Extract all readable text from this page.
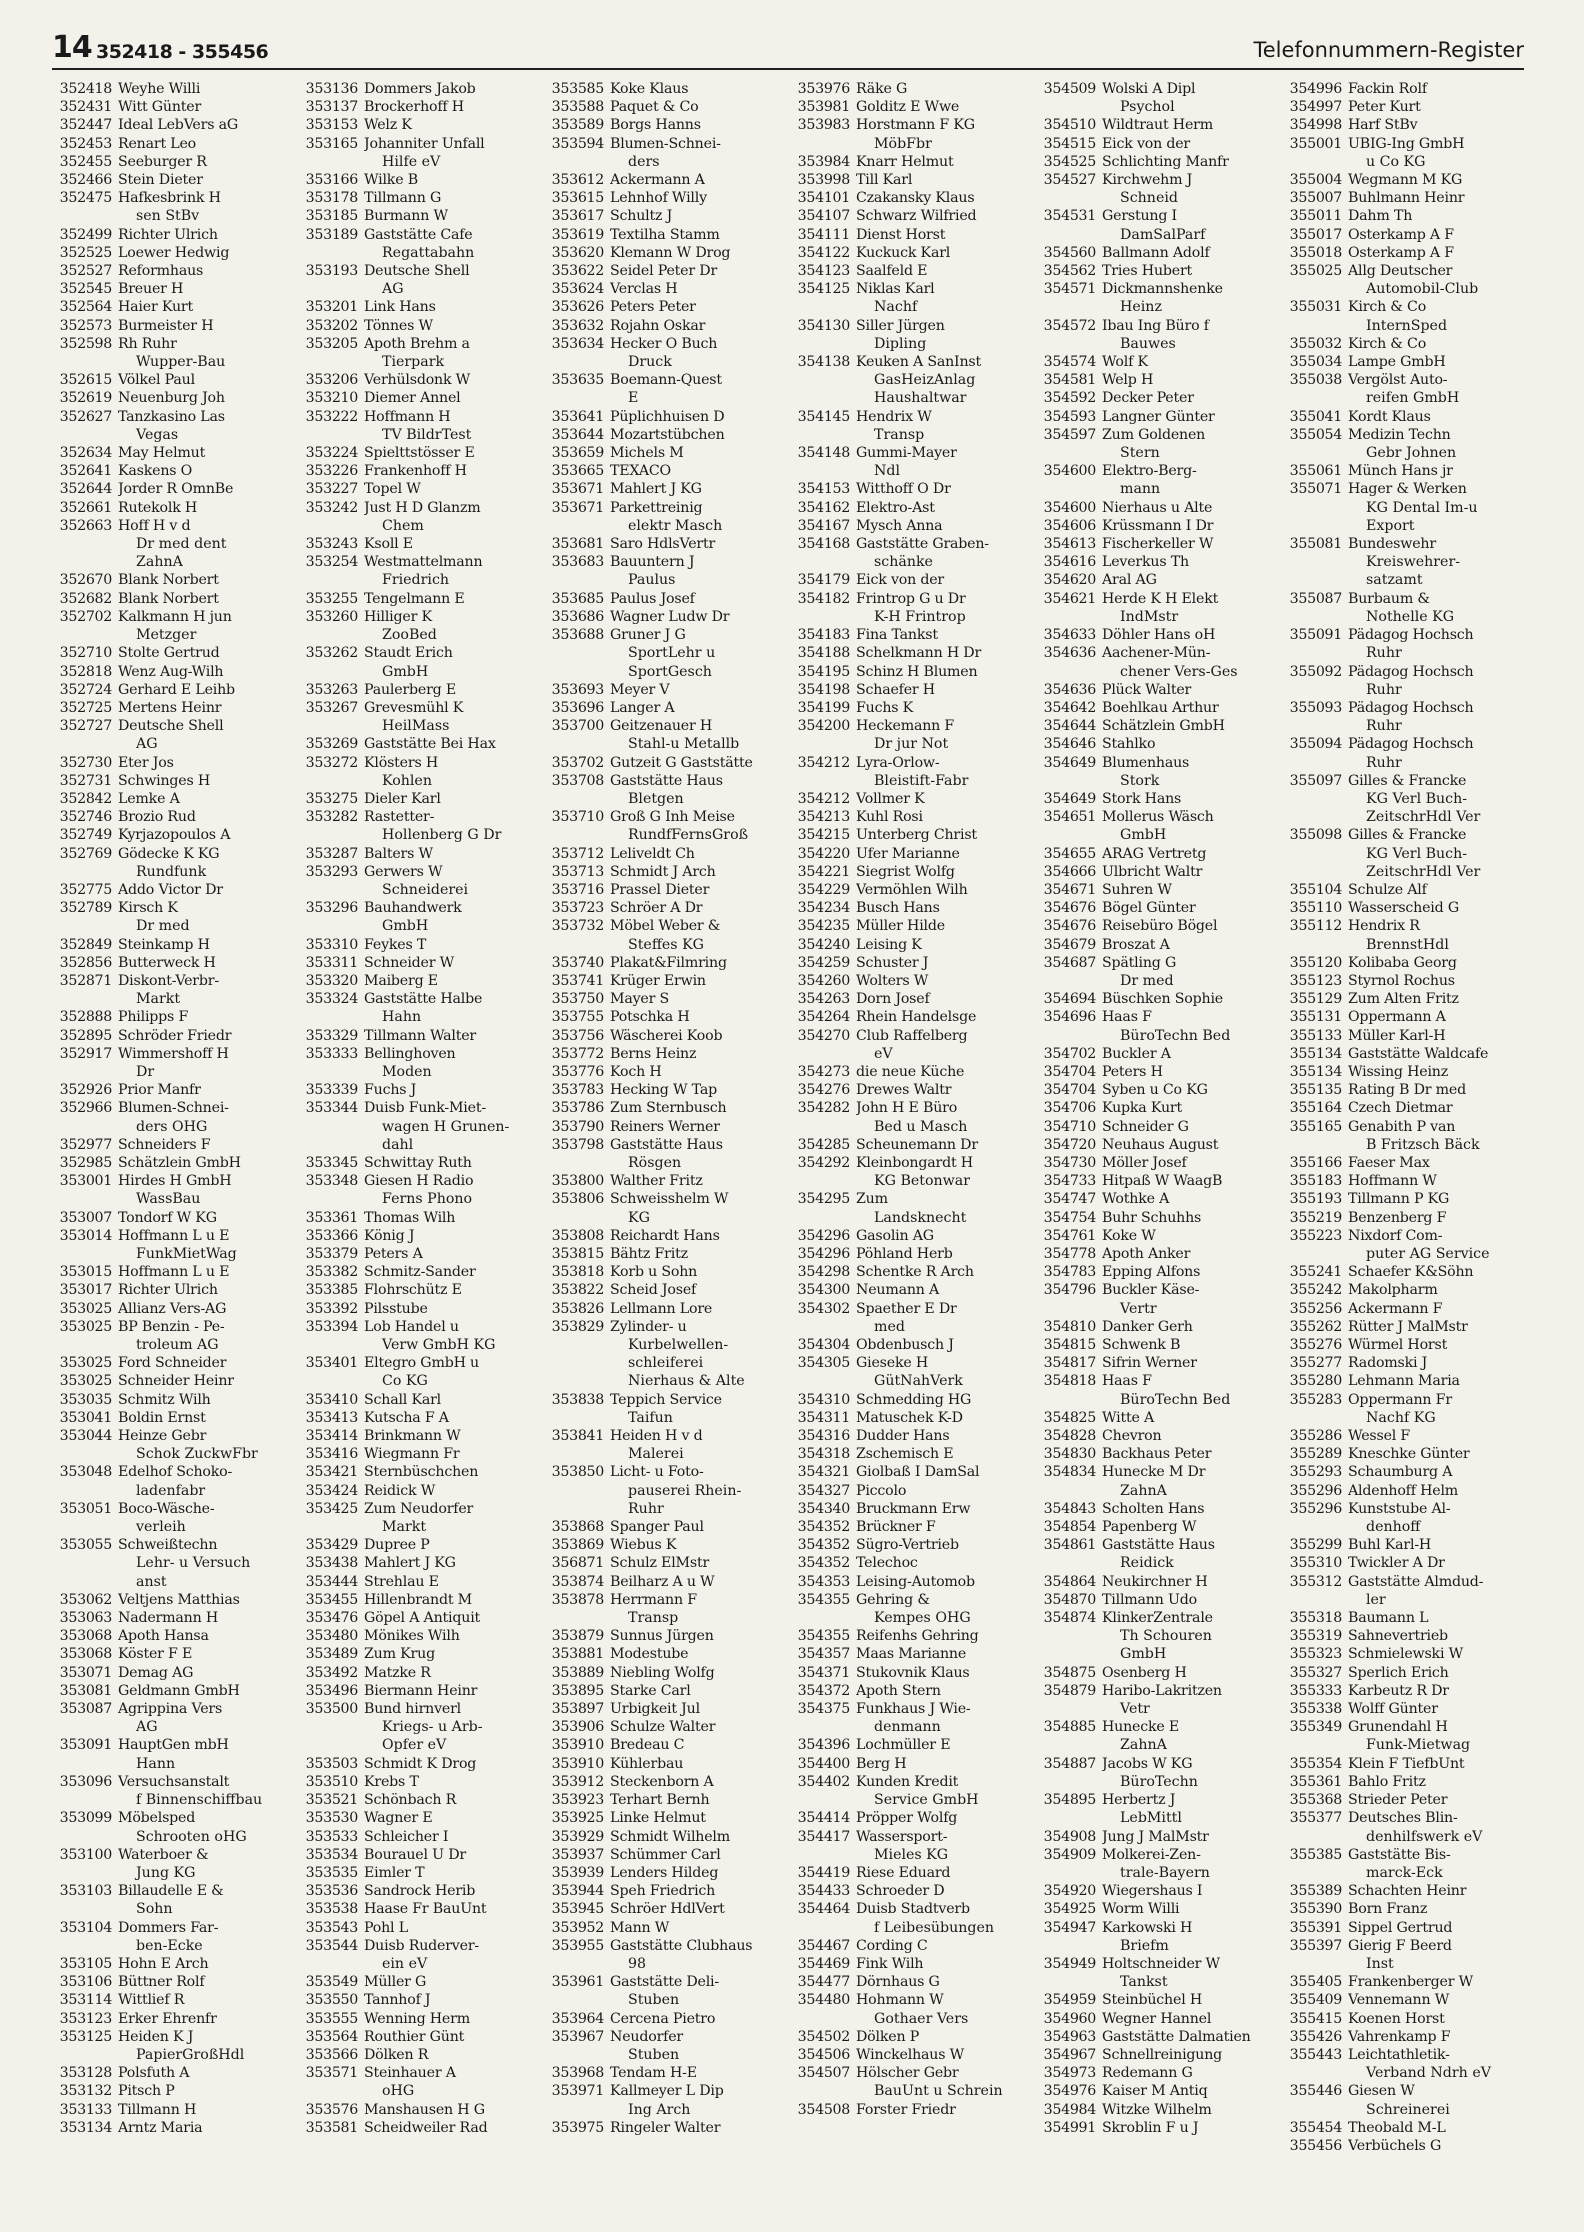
14 352418 - 355456	Telefonnummern-Register
352418 Weyhe Willi
352431 Witt Günter
352447 Ideal LebVers aG
352453 Renart Leo
352455 Seeburger R
352466 Stein Dieter
352475 Hafkesbrink H
sen StBv
352499 Richter Ulrich
352525 Loewer Hedwig
352527 Reformhaus
352545 Breuer H
352564 Haier Kurt
352573 Burmeister H
352598 Rh Ruhr
Wupper-Bau
352615 Völkel Paul
352619 Neuenburg Joh
352627 Tanzkasino Las
Vegas
352634 May Helmut
352641 Kaskens O
352644 Jorder R OmnBe
352661 Rutekolk H
352663 Hoff H v d
Dr med dent
ZahnA
352670 Blank Norbert
352682 Blank Norbert
352702 Kalkmann H jun
Metzger
352710 Stolte Gertrud
352818 Wenz Aug-Wilh
352724 Gerhard E Leihb
352725 Mertens Heinr
352727 Deutsche Shell
AG
352730 Eter Jos
352731 Schwinges H
352842 Lemke A
352746 Brozio Rud
352749 Kyrjazopoulos A
352769 Gödecke K KG
Rundfunk
352775 Addo Victor Dr
352789 Kirsch K
Dr med
352849 Steinkamp H
352856 Butterweck H
352871 Diskont-Verbr-
Markt
352888 Philipps F
352895 Schröder Friedr
352917 Wimmershoff H
Dr
352926 Prior Manfr
352966 Blumen-Schnei-
ders OHG
352977 Schneiders F
352985 Schätzlein GmbH
353001 Hirdes H GmbH
WassBau
353007 Tondorf W KG
353014 Hoffmann L u E
FunkMietWag
353015 Hoffmann L u E
353017 Richter Ulrich
353025 Allianz Vers-AG
353025 BP Benzin - Pe-
troleum AG
353025 Ford Schneider
353025 Schneider Heinr
353035 Schmitz Wilh
353041 Boldin Ernst
353044 Heinze Gebr
Schok ZuckwFbr
353048 Edelhof Schoko-
ladenfabr
353051 Boco-Wäsche-
verleih
353055 Schweißtechn
Lehr- u Versuch
anst
353062 Veltjens Matthias
353063 Nadermann H
353068 Apoth Hansa
353068 Köster F E
353071 Demag AG
353081 Geldmann GmbH
353087 Agrippina Vers
AG
353091 HauptGen mbH
Hann
353096 Versuchsanstalt
f Binnenschiffbau
353099 Möbelsped
Schrooten oHG
353100 Waterboer &
Jung KG
353103 Billaudelle E &
Sohn
353104 Dommers Far-
ben-Ecke
353105 Hohn E Arch
353106 Büttner Rolf
353114 Wittlief R
353123 Erker Ehrenfr
353125 Heiden K J
PapierGroßHdl
353128 Polsfuth A
353132 Pitsch P
353133 Tillmann H
353134 Arntz Maria
353136 Dommers Jakob
353137 Brockerhoff H
353153 Welz K
353165 Johanniter Unfall
Hilfe eV
353166 Wilke B
353178 Tillmann G
353185 Burmann W
353189 Gaststätte Cafe
Regattabahn
353193 Deutsche Shell
AG
353201 Link Hans
353202 Tönnes W
353205 Apoth Brehm a
Tierpark
353206 Verhülsdonk W
353210 Diemer Annel
353222 Hoffmann H
TV BildrTest
353224 Spielttstösser E
353226 Frankenhoff H
353227 Topel W
353242 Just H D Glanzm
Chem
353243 Ksoll E
353254 Westmattelmann
Friedrich
353255 Tengelmann E
353260 Hilliger K
ZooBed
353262 Staudt Erich
GmbH
353263 Paulerberg E
353267 Grevesmühl K
HeilMass
353269 Gaststätte Bei Hax
353272 Klösters H
Kohlen
353275 Dieler Karl
353282 Rastetter-
Hollenberg G Dr
353287 Balters W
353293 Gerwers W
Schneiderei
353296 Bauhandwerk
GmbH
353310 Feykes T
353311 Schneider W
353320 Maiberg E
353324 Gaststätte Halbe
Hahn
353329 Tillmann Walter
353333 Bellinghoven
Moden
353339 Fuchs J
353344 Duisb Funk-Miet-
wagen H Grunen-
dahl
353345 Schwittay Ruth
353348 Giesen H Radio
Ferns Phono
353361 Thomas Wilh
353366 König J
353379 Peters A
353382 Schmitz-Sander
353385 Flohrschütz E
353392 Pilsstube
353394 Lob Handel u
Verw GmbH KG
353401 Eltegro GmbH u
Co KG
353410 Schall Karl
353413 Kutscha F A
353414 Brinkmann W
353416 Wiegmann Fr
353421 Sternbüschchen
353424 Reidick W
353425 Zum Neudorfer
Markt
353429 Dupree P
353438 Mahlert J KG
353444 Strehlau E
353455 Hillenbrandt M
353476 Göpel A Antiquit
353480 Mönikes Wilh
353489 Zum Krug
353492 Matzke R
353496 Biermann Heinr
353500 Bund hirnverl
Kriegs- u Arb-
Opfer eV
353503 Schmidt K Drog
353510 Krebs T
353521 Schönbach R
353530 Wagner E
353533 Schleicher I
353534 Bourauel U Dr
353535 Eimler T
353536 Sandrock Herib
353538 Haase Fr BauUnt
353543 Pohl L
353544 Duisb Ruderver-
ein eV
353549 Müller G
353550 Tannhof J
353555 Wenning Herm
353564 Routhier Günt
353566 Dölken R
353571 Steinhauer A
oHG
353576 Manshausen H G
353581 Scheidweiler Rad
353585 Koke Klaus
353588 Paquet & Co
353589 Borgs Hanns
353594 Blumen-Schnei-
ders
353612 Ackermann A
353615 Lehnhof Willy
353617 Schultz J
353619 Textilha Stamm
353620 Klemann W Drog
353622 Seidel Peter Dr
353624 Verclas H
353626 Peters Peter
353632 Rojahn Oskar
353634 Hecker O Buch
Druck
353635 Boemann-Quest
E
353641 Püplichhuisen D
353644 Mozartstübchen
353659 Michels M
353665 TEXACO
353671 Mahlert J KG
353671 Parkettreinig
elektr Masch
353681 Saro HdlsVertr
353683 Bauuntern J
Paulus
353685 Paulus Josef
353686 Wagner Ludw Dr
353688 Gruner J G
SportLehr u
SportGesch
353693 Meyer V
353696 Langer A
353700 Geitzenauer H
Stahl-u Metallb
353702 Gutzeit G Gaststätte
353708 Gaststätte Haus
Bletgen
353710 Groß G Inh Meise
RundfFernsGroß
353712 Leliveldt Ch
353713 Schmidt J Arch
353716 Prassel Dieter
353723 Schröer A Dr
353732 Möbel Weber &
Steffes KG
353740 Plakat&Filmring
353741 Krüger Erwin
353750 Mayer S
353755 Potschka H
353756 Wäscherei Koob
353772 Berns Heinz
353776 Koch H
353783 Hecking W Tap
353786 Zum Sternbusch
353790 Reiners Werner
353798 Gaststätte Haus
Rösgen
353800 Walther Fritz
353806 Schweisshelm W
KG
353808 Reichardt Hans
353815 Bähtz Fritz
353818 Korb u Sohn
353822 Scheid Josef
353826 Lellmann Lore
353829 Zylinder- u
Kurbelwellen-
schleiferei
Nierhaus & Alte
353838 Teppich Service
Taifun
353841 Heiden H v d
Malerei
353850 Licht- u Foto-
pauserei Rhein-
Ruhr
353868 Spanger Paul
353869 Wiebus K
356871 Schulz ElMstr
353874 Beilharz A u W
353878 Herrmann F
Transp
353879 Sunnus Jürgen
353881 Modestube
353889 Niebling Wolfg
353895 Starke Carl
353897 Urbigkeit Jul
353906 Schulze Walter
353910 Bredeau C
353910 Kühlerbau
353912 Steckenborn A
353923 Terhart Bernh
353925 Linke Helmut
353929 Schmidt Wilhelm
353937 Schümmer Carl
353939 Lenders Hildeg
353944 Speh Friedrich
353945 Schröer HdlVert
353952 Mann W
353955 Gaststätte Clubhaus
98
353961 Gaststätte Deli-
Stuben
353964 Cercena Pietro
353967 Neudorfer
Stuben
353968 Tendam H-E
353971 Kallmeyer L Dip
Ing Arch
353975 Ringeler Walter
353976 Räke G
353981 Golditz E Wwe
353983 Horstmann F KG
MöbFbr
353984 Knarr Helmut
353998 Till Karl
354101 Czakansky Klaus
354107 Schwarz Wilfried
354111 Dienst Horst
354122 Kuckuck Karl
354123 Saalfeld E
354125 Niklas Karl
Nachf
354130 Siller Jürgen
Dipling
354138 Keuken A SanInst
GasHeizAnlag
Haushaltwar
354145 Hendrix W
Transp
354148 Gummi-Mayer
Ndl
354153 Witthoff O Dr
354162 Elektro-Ast
354167 Mysch Anna
354168 Gaststätte Graben-
schänke
354179 Eick von der
354182 Frintrop G u Dr
K-H Frintrop
354183 Fina Tankst
354188 Schelkmann H Dr
354195 Schinz H Blumen
354198 Schaefer H
354199 Fuchs K
354200 Heckemann F
Dr jur Not
354212 Lyra-Orlow-
Bleistift-Fabr
354212 Vollmer K
354213 Kuhl Rosi
354215 Unterberg Christ
354220 Ufer Marianne
354221 Siegrist Wolfg
354229 Vermöhlen Wilh
354234 Busch Hans
354235 Müller Hilde
354240 Leising K
354259 Schuster J
354260 Wolters W
354263 Dorn Josef
354264 Rhein Handelsge
354270 Club Raffelberg
eV
354273 die neue Küche
354276 Drewes Waltr
354282 John H E Büro
Bed u Masch
354285 Scheunemann Dr
354292 Kleinbongardt H
KG Betonwar
354295 Zum
Landsknecht
354296 Gasolin AG
354296 Pöhland Herb
354298 Schentke R Arch
354300 Neumann A
354302 Spaether E Dr
med
354304 Obdenbusch J
354305 Gieseke H
GütNahVerk
354310 Schmedding HG
354311 Matuschek K-D
354316 Dudder Hans
354318 Zschemisch E
354321 Giolbaß I DamSal
354327 Piccolo
354340 Bruckmann Erw
354352 Brückner F
354352 Sügro-Vertrieb
354352 Telechoc
354353 Leising-Automob
354355 Gehring &
Kempes OHG
354355 Reifenhs Gehring
354357 Maas Marianne
354371 Stukovnik Klaus
354372 Apoth Stern
354375 Funkhaus J Wie-
denmann
354396 Lochmüller E
354400 Berg H
354402 Kunden Kredit
Service GmbH
354414 Pröpper Wolfg
354417 Wassersport-
Mieles KG
354419 Riese Eduard
354433 Schroeder D
354464 Duisb Stadtverb
f Leibesübungen
354467 Cording C
354469 Fink Wilh
354477 Dörnhaus G
354480 Hohmann W
Gothaer Vers
354502 Dölken P
354506 Winckelhaus W
354507 Hölscher Gebr
BauUnt u Schrein
354508 Forster Friedr
354509 Wolski A Dipl
Psychol
354510 Wildtraut Herm
354515 Eick von der
354525 Schlichting Manfr
354527 Kirchwehm J
Schneid
354531 Gerstung I
DamSalParf
354560 Ballmann Adolf
354562 Tries Hubert
354571 Dickmannshenke
Heinz
354572 Ibau Ing Büro f
Bauwes
354574 Wolf K
354581 Welp H
354592 Decker Peter
354593 Langner Günter
354597 Zum Goldenen
Stern
354600 Elektro-Berg-
mann
354600 Nierhaus u Alte
354606 Krüssmann I Dr
354613 Fischerkeller W
354616 Leverkus Th
354620 Aral AG
354621 Herde K H Elekt
IndMstr
354633 Döhler Hans oH
354636 Aachener-Mün-
chener Vers-Ges
354636 Plück Walter
354642 Boehlkau Arthur
354644 Schätzlein GmbH
354646 Stahlko
354649 Blumenhaus
Stork
354649 Stork Hans
354651 Mollerus Wäsch
GmbH
354655 ARAG Vertretg
354666 Ulbricht Waltr
354671 Suhren W
354676 Bögel Günter
354676 Reisebüro Bögel
354679 Broszat A
354687 Spätling G
Dr med
354694 Büschken Sophie
354696 Haas F
BüroTechn Bed
354702 Buckler A
354704 Peters H
354704 Syben u Co KG
354706 Kupka Kurt
354710 Schneider G
354720 Neuhaus August
354730 Möller Josef
354733 Hitpaß W WaagB
354747 Wothke A
354754 Buhr Schuhhs
354761 Koke W
354778 Apoth Anker
354783 Epping Alfons
354796 Buckler Käse-
Vertr
354810 Danker Gerh
354815 Schwenk B
354817 Sifrin Werner
354818 Haas F
BüroTechn Bed
354825 Witte A
354828 Chevron
354830 Backhaus Peter
354834 Hunecke M Dr
ZahnA
354843 Scholten Hans
354854 Papenberg W
354861 Gaststätte Haus
Reidick
354864 Neukirchner H
354870 Tillmann Udo
354874 KlinkerZentrale
Th Schouren
GmbH
354875 Osenberg H
354879 Haribo-Lakritzen
Vetr
354885 Hunecke E
ZahnA
354887 Jacobs W KG
BüroTechn
354895 Herbertz J
LebMittl
354908 Jung J MalMstr
354909 Molkerei-Zen-
trale-Bayern
354920 Wiegershaus I
354925 Worm Willi
354947 Karkowski H
Briefm
354949 Holtschneider W
Tankst
354959 Steinbüchel H
354960 Wegner Hannel
354963 Gaststätte Dalmatien
354967 Schnellreinigung
354973 Redemann G
354976 Kaiser M Antiq
354984 Witzke Wilhelm
354991 Skroblin F u J
354996 Fackin Rolf
354997 Peter Kurt
354998 Harf StBv
355001 UBIG-Ing GmbH
u Co KG
355004 Wegmann M KG
355007 Buhlmann Heinr
355011 Dahm Th
355017 Osterkamp A F
355018 Osterkamp A F
355025 Allg Deutscher
Automobil-Club
355031 Kirch & Co
InternSped
355032 Kirch & Co
355034 Lampe GmbH
355038 Vergölst Auto-
reifen GmbH
355041 Kordt Klaus
355054 Medizin Techn
Gebr Johnen
355061 Münch Hans jr
355071 Hager & Werken
KG Dental Im-u
Export
355081 Bundeswehr
Kreiswehrer-
satzamt
355087 Burbaum &
Nothelle KG
355091 Pädagog Hochsch
Ruhr
355092 Pädagog Hochsch
Ruhr
355093 Pädagog Hochsch
Ruhr
355094 Pädagog Hochsch
Ruhr
355097 Gilles & Francke
KG Verl Buch-
ZeitschrHdl Ver
355098 Gilles & Francke
KG Verl Buch-
ZeitschrHdl Ver
355104 Schulze Alf
355110 Wasserscheid G
355112 Hendrix R
BrennstHdl
355120 Kolibaba Georg
355123 Styrnol Rochus
355129 Zum Alten Fritz
355131 Oppermann A
355133 Müller Karl-H
355134 Gaststätte Waldcafe
355134 Wissing Heinz
355135 Rating B Dr med
355164 Czech Dietmar
355165 Genabith P van
B Fritzsch Bäck
355166 Faeser Max
355183 Hoffmann W
355193 Tillmann P KG
355219 Benzenberg F
355223 Nixdorf Com-
puter AG Service
355241 Schaefer K&Söhn
355242 Makolpharm
355256 Ackermann F
355262 Rütter J MalMstr
355276 Würmel Horst
355277 Radomski J
355280 Lehmann Maria
355283 Oppermann Fr
Nachf KG
355286 Wessel F
355289 Kneschke Günter
355293 Schaumburg A
355296 Aldenhoff Helm
355296 Kunststube Al-
denhoff
355299 Buhl Karl-H
355310 Twickler A Dr
355312 Gaststätte Almdud-
ler
355318 Baumann L
355319 Sahnevertrieb
355323 Schmielewski W
355327 Sperlich Erich
355333 Karbeutz R Dr
355338 Wolff Günter
355349 Grunendahl H
Funk-Mietwag
355354 Klein F TiefbUnt
355361 Bahlo Fritz
355368 Strieder Peter
355377 Deutsches Blin-
denhilfswerk eV
355385 Gaststätte Bis-
marck-Eck
355389 Schachten Heinr
355390 Born Franz
355391 Sippel Gertrud
355397 Gierig F Beerd
Inst
355405 Frankenberger W
355409 Vennemann W
355415 Koenen Horst
355426 Vahrenkamp F
355443 Leichtathletik-
Verband Ndrh eV
355446 Giesen W
Schreinerei
355454 Theobald M-L
355456 Verbüchels G
